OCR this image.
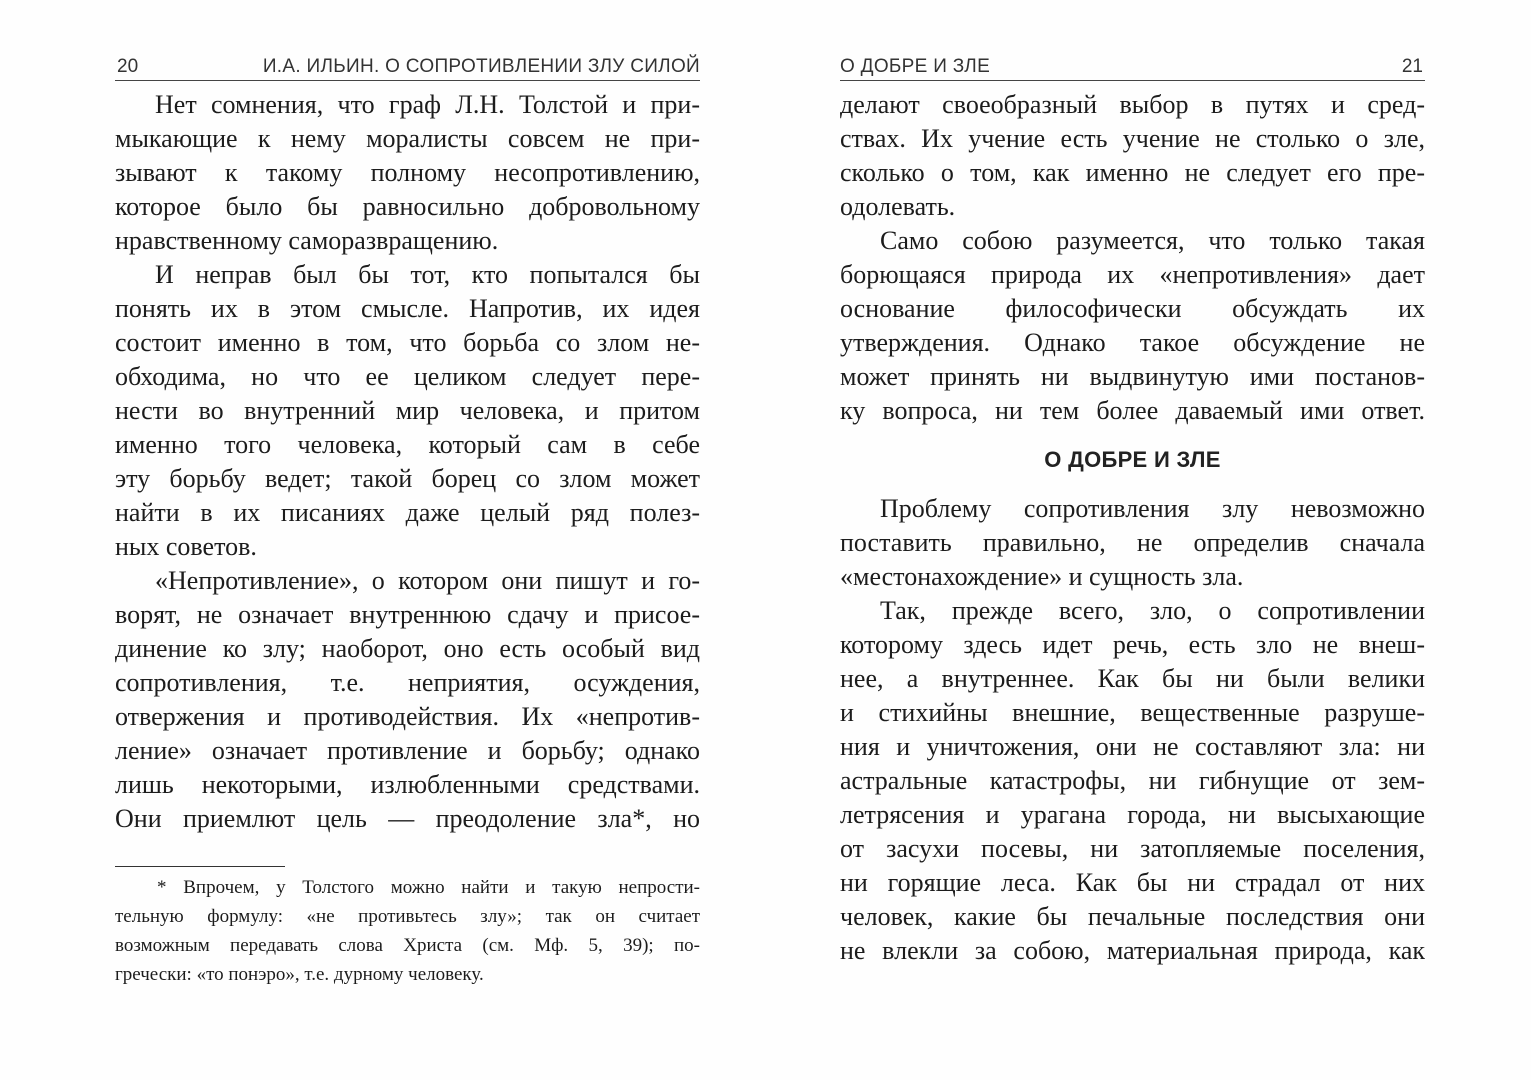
20	И.А. ИЛЬИН. О СОПРОТИВЛЕНИИ ЗЛУ СИЛОЙ
Нет сомнения, что граф Л.Н. Толстой и при-
мыкающие к нему моралисты совсем не при-
зывают к такому полному несопротивлению,
которое было бы равносильно добровольному
нравственному саморазвращению.
И неправ был бы тот, кто попытался бы
понять их в этом смысле. Напротив, их идея
состоит именно в том, что борьба со злом не-
обходима, но что ее целиком следует пере-
нести во внутренний мир человека, и притом
именно того человека, который сам в себе
эту борьбу ведет; такой борец со злом может
найти в их писаниях даже целый ряд полез-
ных советов.
«Непротивление», о котором они пишут и го-
ворят, не означает внутреннюю сдачу и присое-
динение ко злу; наоборот, оно есть особый вид
сопротивления, т.е. неприятия, осуждения,
отвержения и противодействия. Их «непротив-
ление» означает противление и борьбу; однако
лишь некоторыми, излюбленными средствами.
Они приемлют цель — преодоление зла*, но
* Впрочем, у Толстого можно найти и такую непрости-
тельную формулу: «не противьтесь злу»; так он считает
возможным передавать слова Христа (см. Мф. 5, 39); по-
гречески: «то понэро», т.е. дурному человеку.
О ДОБРЕ И ЗЛЕ	21
делают своеобразный выбор в путях и сред-
ствах. Их учение есть учение не столько о зле,
сколько о том, как именно не следует его пре-
одолевать.
Само собою разумеется, что только такая
борющаяся природа их «непротивления» дает
основание философически обсуждать их
утверждения. Однако такое обсуждение не
может принять ни выдвинутую ими постанов-
ку вопроса, ни тем более даваемый ими ответ.
О ДОБРЕ И ЗЛЕ
Проблему сопротивления злу невозможно
поставить правильно, не определив сначала
«местонахождение» и сущность зла.
Так, прежде всего, зло, о сопротивлении
которому здесь идет речь, есть зло не внеш-
нее, а внутреннее. Как бы ни были велики
и стихийны внешние, вещественные разруше-
ния и уничтожения, они не составляют зла: ни
астральные катастрофы, ни гибнущие от зем-
летрясения и урагана города, ни высыхающие
от засухи посевы, ни затопляемые поселения,
ни горящие леса. Как бы ни страдал от них
человек, какие бы печальные последствия они
не влекли за собою, материальная природа, как
